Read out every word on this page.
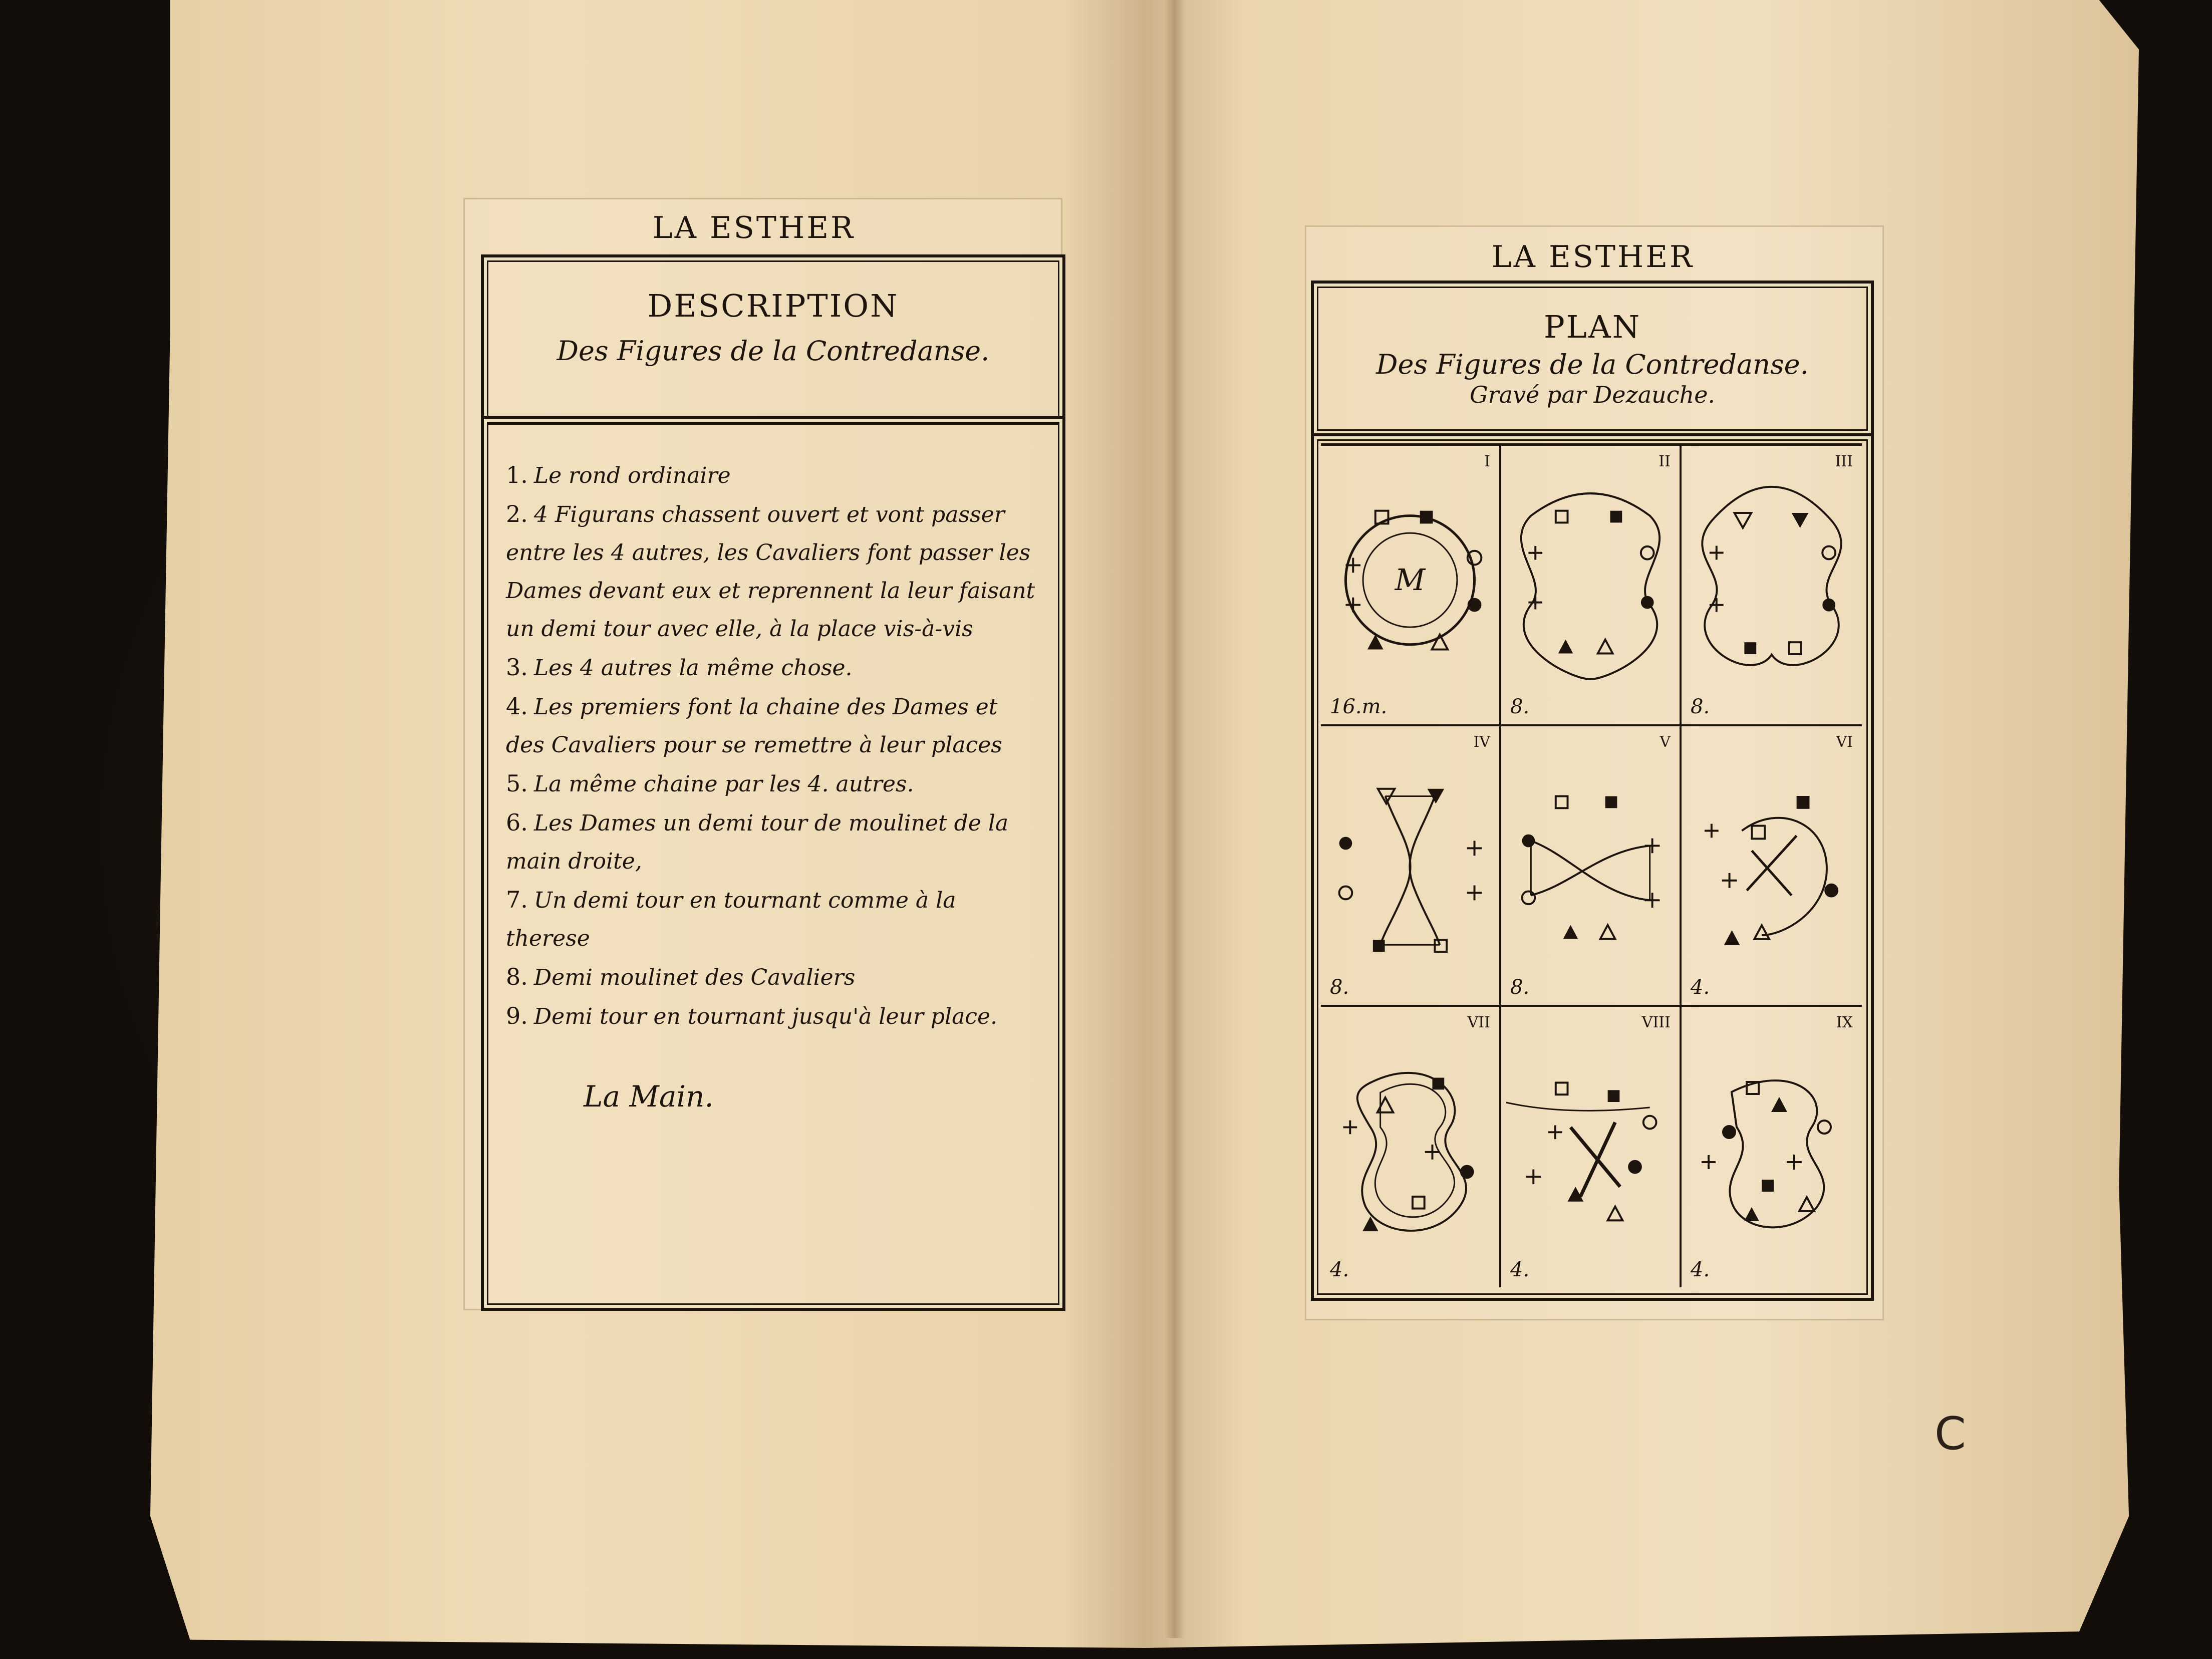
LA ESTHER
DESCRIPTION
Des Figures de la Contredanse.
1. Le rond ordinaire
2. 4 Figurans chassent ouvert et vont passer entre les 4 autres, les Cavaliers font passer les Dames devant eux et reprennent la leur faisant un demi tour avec elle, à la place vis-à-vis
3. Les 4 autres la même chose.
4. Les premiers font la chaine des Dames et des Cavaliers pour se remettre à leur places
5. La même chaine par les 4. autres.
6. Les Dames un demi tour de moulinet de la main droite,
7. Un demi tour en tournant comme à la therese
8. Demi moulinet des Cavaliers
9. Demi tour en tournant jusqu'à leur place.
La Main.
LA ESTHER
PLAN
Des Figures de la Contredanse.
Gravé par Dezauche.
I
M
16.m.
II
8.
III
8.
IV
8.
V
8.
VI
4.
VII
4.
VIII
4.
IX
4.
C
